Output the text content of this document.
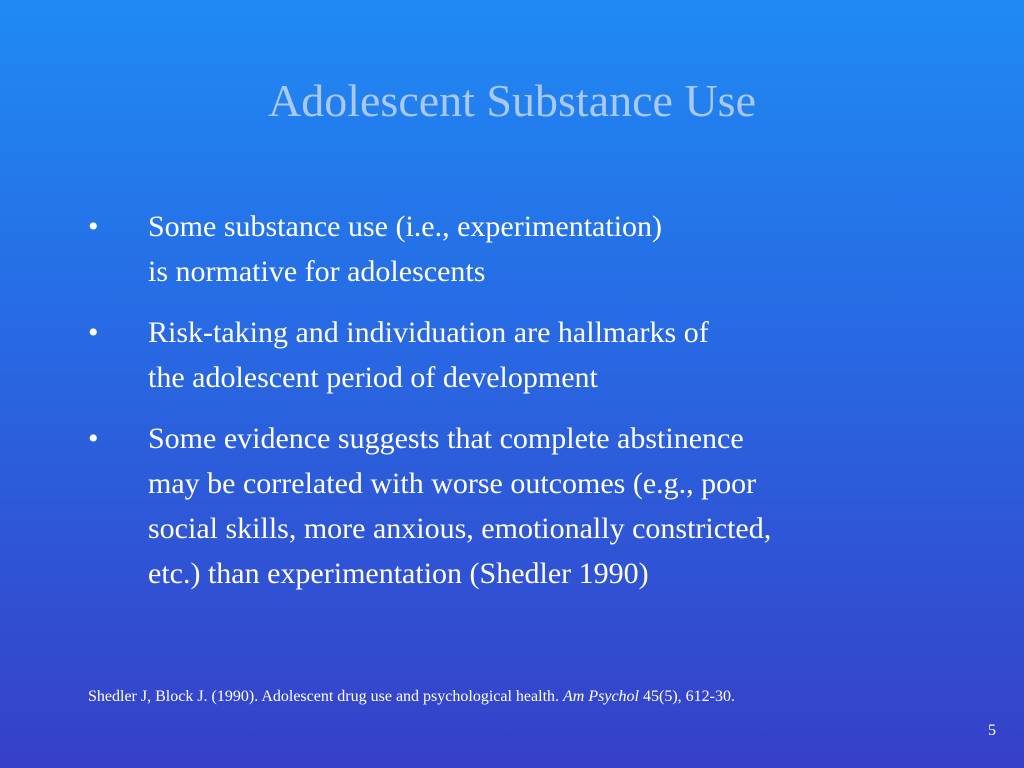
Adolescent Substance Use
•	Some substance use (i.e., experimentation)
is normative for adolescents
•	Risk-taking and individuation are hallmarks of
the adolescent period of development
•	Some evidence suggests that complete abstinence
may be correlated with worse outcomes (e.g., poor
social skills, more anxious, emotionally constricted,
etc.) than experimentation (Shedler 1990)
Shedler J, Block J. (1990). Adolescent drug use and psychological health. Am Psychol 45(5), 612-30.
5
